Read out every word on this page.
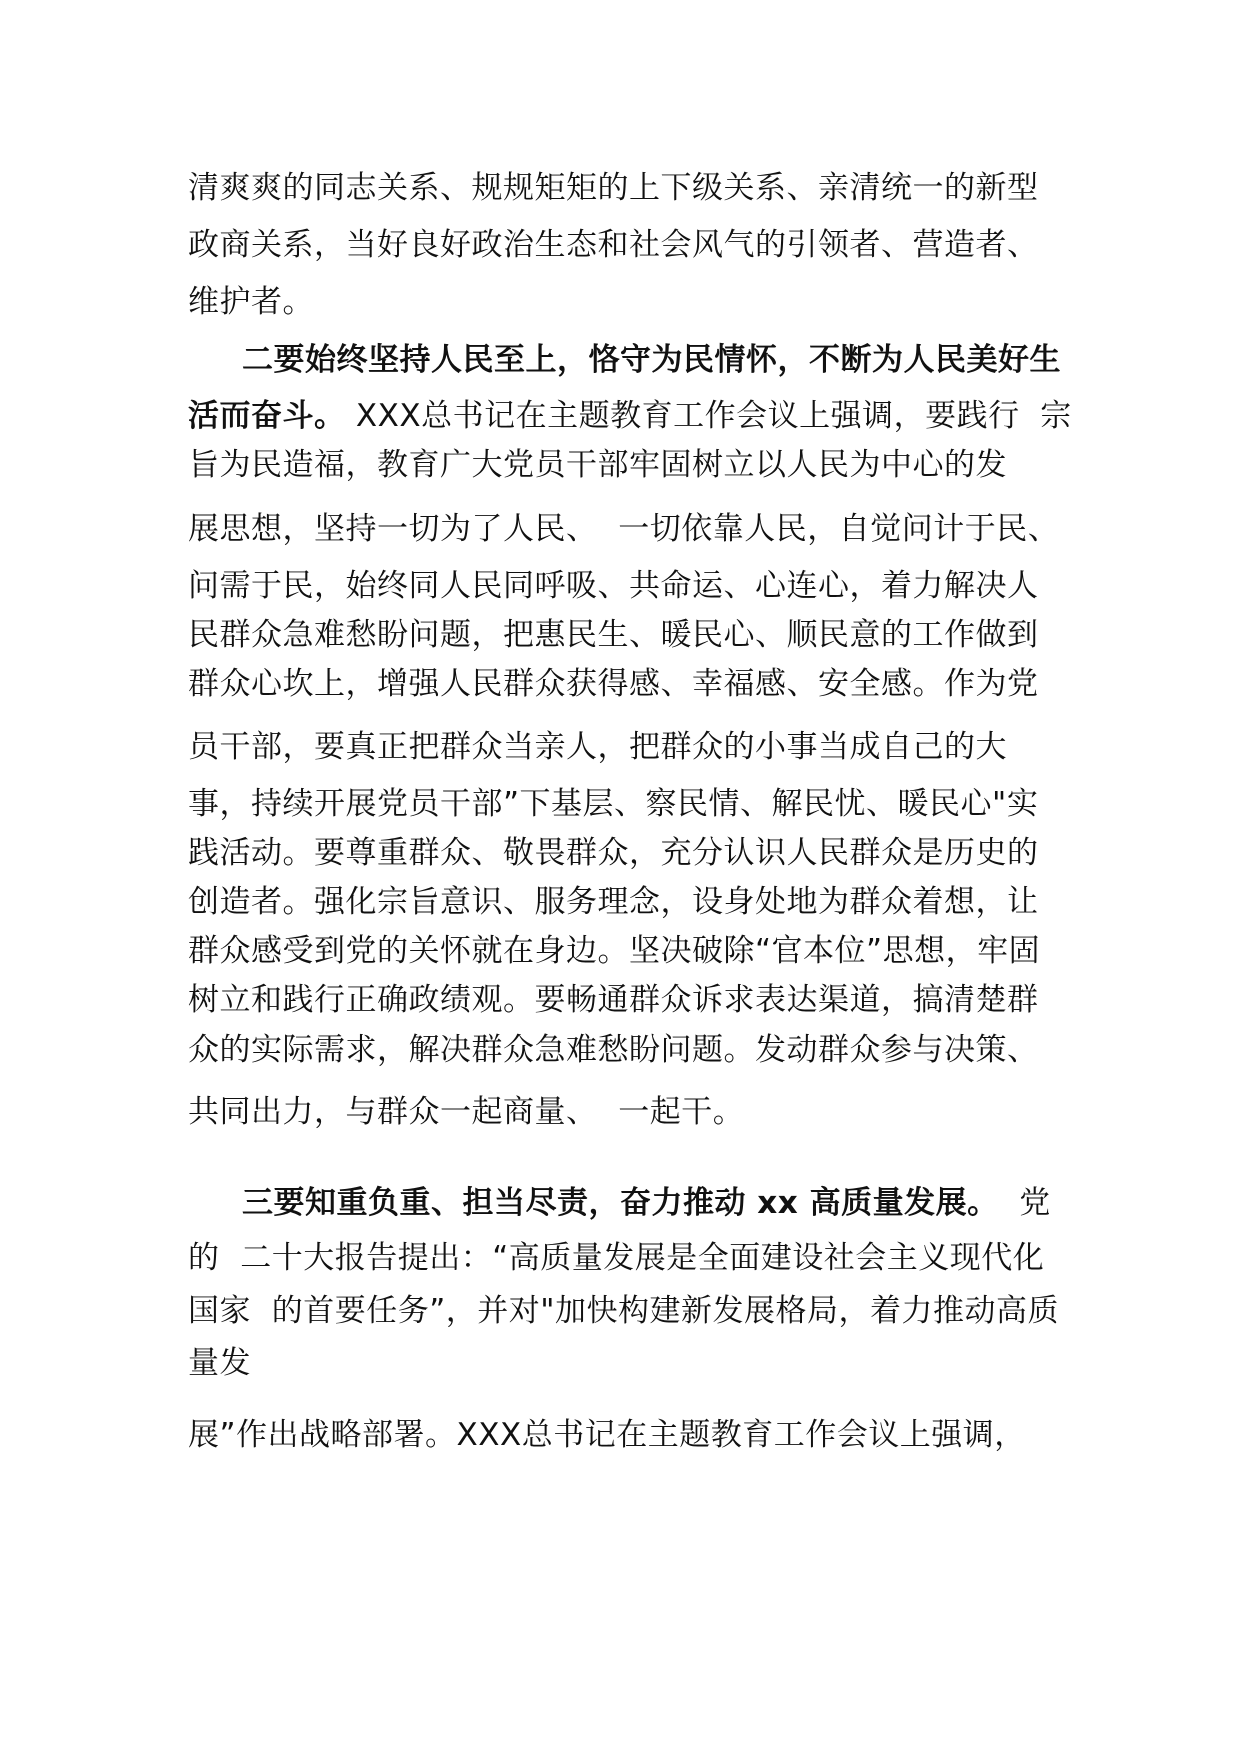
清爽爽的同志关系、规规矩矩的上下级关系、亲清统一的新型
政商关系，当好良好政治生态和社会风气的引领者、营造者、
维护者。
二要始终坚持人民至上，恪守为民情怀，不断为人民美好生
活而奋斗。 XXX总书记在主题教育工作会议上强调，要践行  宗
旨为民造福，教育广大党员干部牢固树立以人民为中心的发
展思想，坚持一切为了人民、  一切依靠人民，自觉问计于民、
问需于民，始终同人民同呼吸、共命运、心连心，着力解决人
民群众急难愁盼问题，把惠民生、暖民心、顺民意的工作做到
群众心坎上，增强人民群众获得感、幸福感、安全感。作为党
员干部，要真正把群众当亲人，把群众的小事当成自己的大
事，持续开展党员干部”下基层、察民情、解民忧、暖民心"实
践活动。要尊重群众、敬畏群众，充分认识人民群众是历史的
创造者。强化宗旨意识、服务理念，设身处地为群众着想，让
群众感受到党的关怀就在身边。坚决破除“官本位”思想，牢固
树立和践行正确政绩观。要畅通群众诉求表达渠道，搞清楚群
众的实际需求，解决群众急难愁盼问题。发动群众参与决策、
共同出力，与群众一起商量、  一起干。
三要知重负重、担当尽责，奋力推动 xx 高质量发展。  党
的  二十大报告提出：“高质量发展是全面建设社会主义现代化
国家  的首要任务”，并对"加快构建新发展格局，着力推动高质
量发
展”作出战略部署。XXX总书记在主题教育工作会议上强调，
